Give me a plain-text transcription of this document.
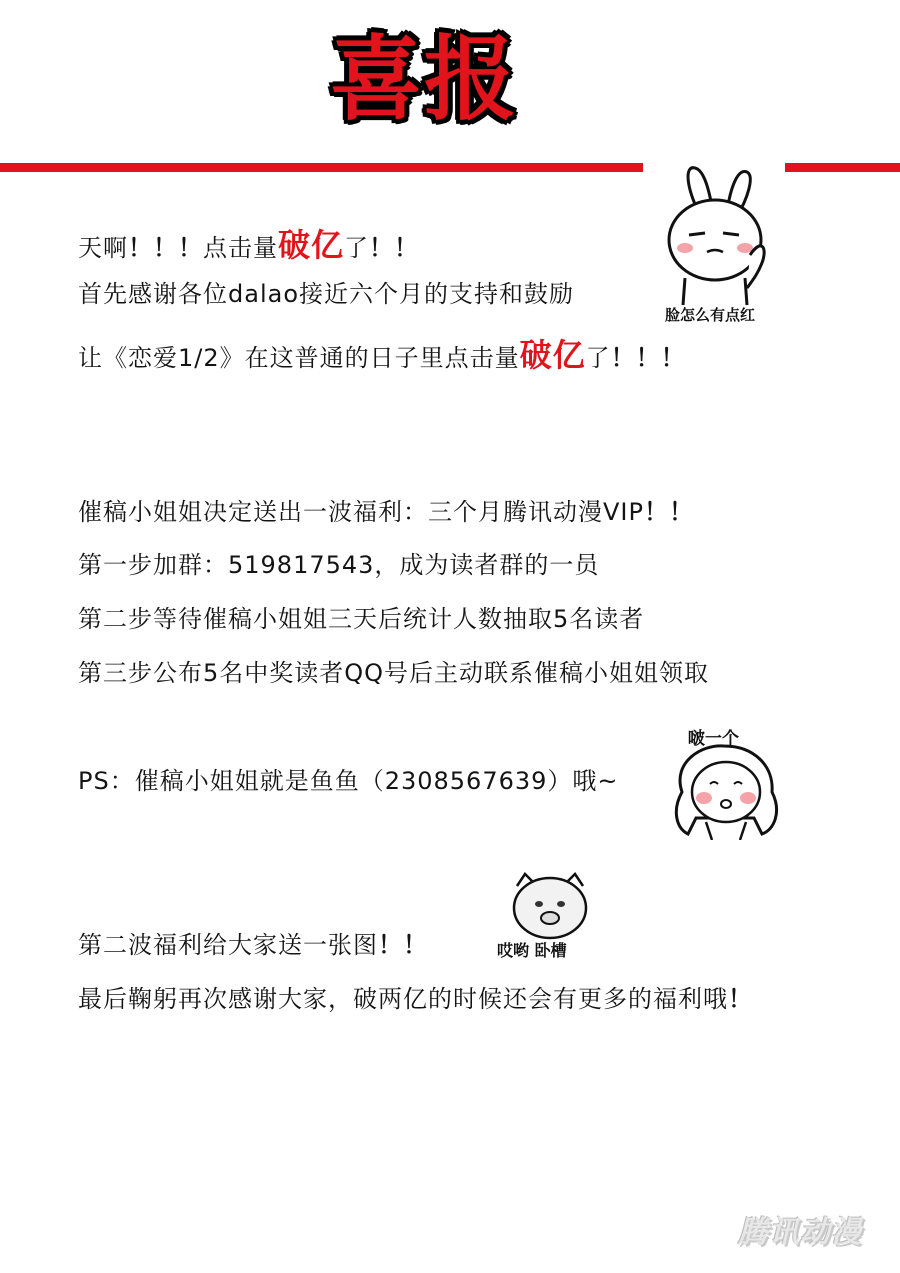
喜报
脸怎么有点红
天啊！！！点击量破亿了！！
首先感谢各位dalao接近六个月的支持和鼓励
让《恋爱1/2》在这普通的日子里点击量破亿了！！！
催稿小姐姐决定送出一波福利：三个月腾讯动漫VIP！！
第一步加群：519817543，成为读者群的一员
第二步等待催稿小姐姐三天后统计人数抽取5名读者
第三步公布5名中奖读者QQ号后主动联系催稿小姐姐领取
PS：催稿小姐姐就是鱼鱼（2308567639）哦~
啵一个
哎哟 卧槽
第二波福利给大家送一张图！！
最后鞠躬再次感谢大家，破两亿的时候还会有更多的福利哦！
腾讯动漫
